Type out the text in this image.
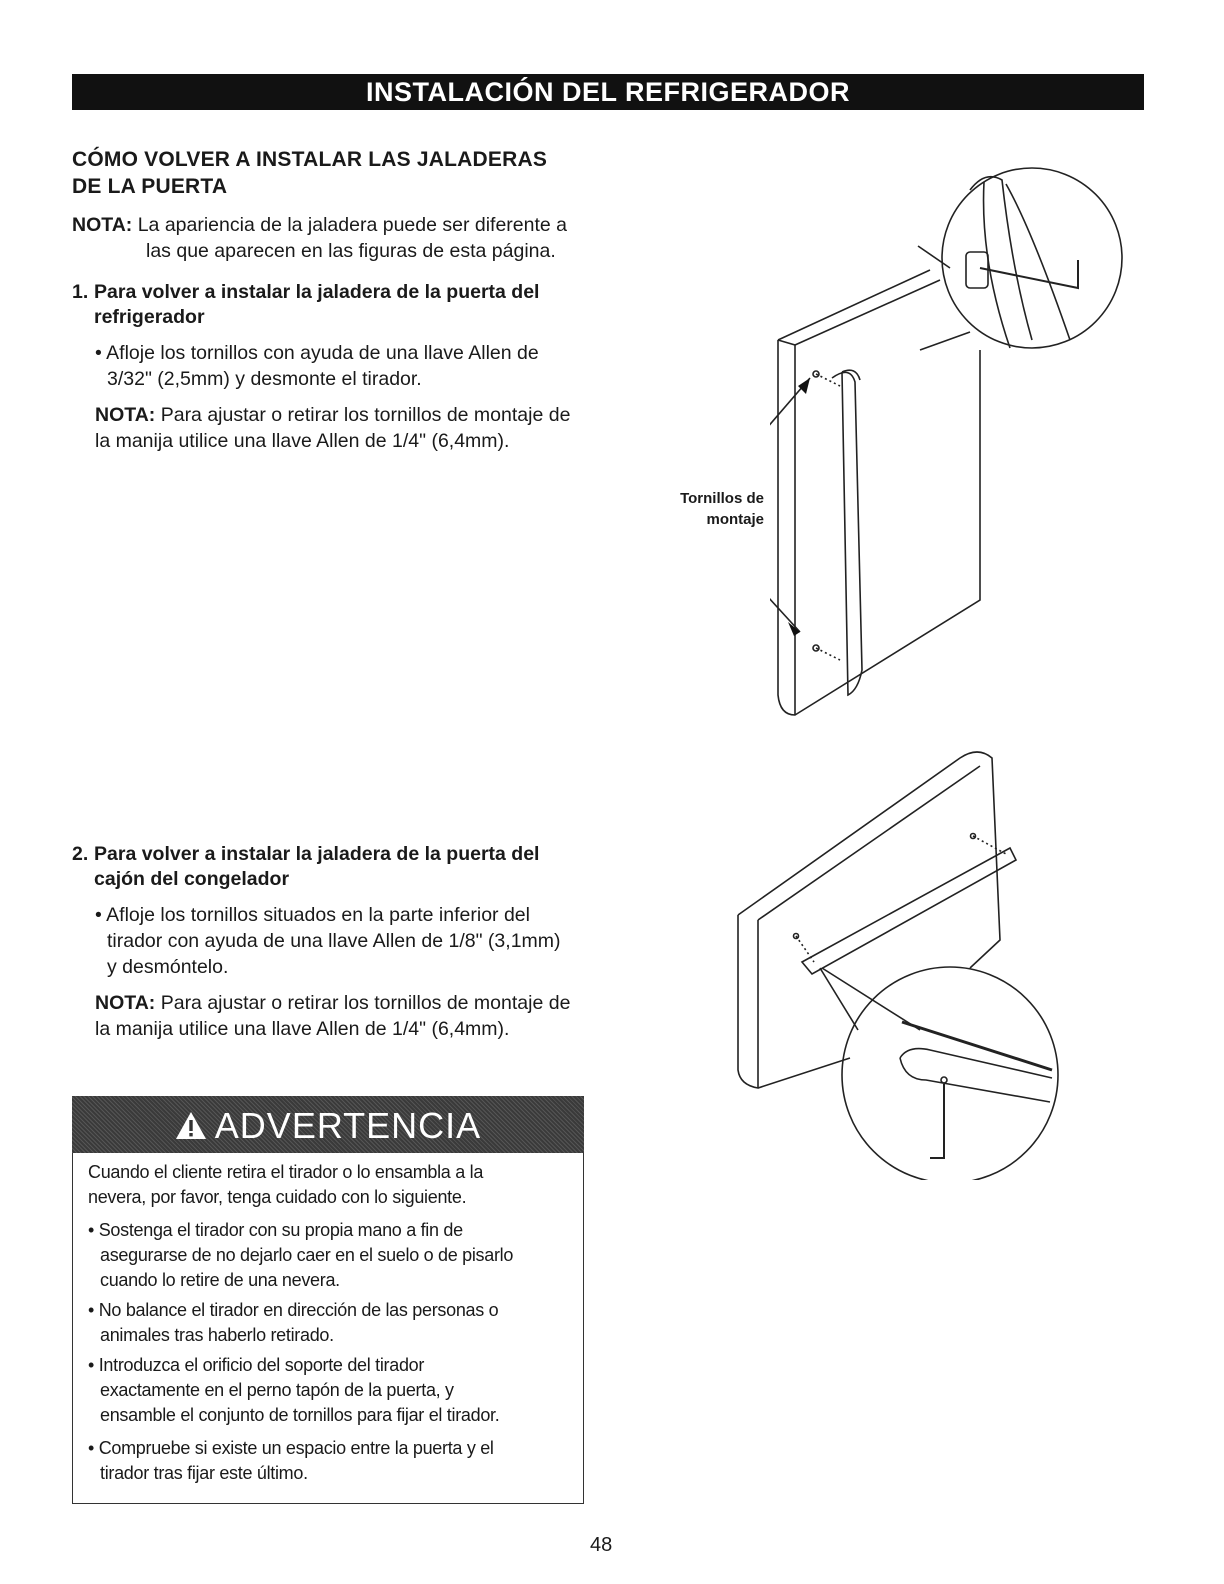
INSTALACIÓN DEL REFRIGERADOR
CÓMO VOLVER A INSTALAR LAS JALADERAS
DE LA PUERTA
NOTA: La apariencia de la jaladera puede ser diferente a
las que aparecen en las figuras de esta página.
1. Para volver a instalar la jaladera de la puerta del
refrigerador
• Afloje los tornillos con ayuda de una llave Allen de
3/32" (2,5mm) y desmonte el tirador.
NOTA: Para ajustar o retirar los tornillos de montaje de
la manija utilice una llave Allen de 1/4" (6,4mm).
2. Para volver a instalar la jaladera de la puerta del
cajón del congelador
• Afloje los tornillos situados en la parte inferior del
tirador con ayuda de una llave Allen de 1/8" (3,1mm)
y desmóntelo.
NOTA: Para ajustar o retirar los tornillos de montaje de
la manija utilice una llave Allen de 1/4" (6,4mm).
ADVERTENCIA
Cuando el cliente retira el tirador o lo ensambla a la
nevera, por favor, tenga cuidado con lo siguiente.
• Sostenga el tirador con su propia mano a fin de
asegurarse de no dejarlo caer en el suelo o de pisarlo
cuando lo retire de una nevera.
• No balance el tirador en dirección de las personas o
animales tras haberlo retirado.
• Introduzca el orificio del soporte del tirador
exactamente en el perno tapón de la puerta, y
ensamble el conjunto de tornillos para fijar el tirador.
• Compruebe si existe un espacio entre la puerta y el
tirador tras fijar este último.
Tornillos de
montaje
48
